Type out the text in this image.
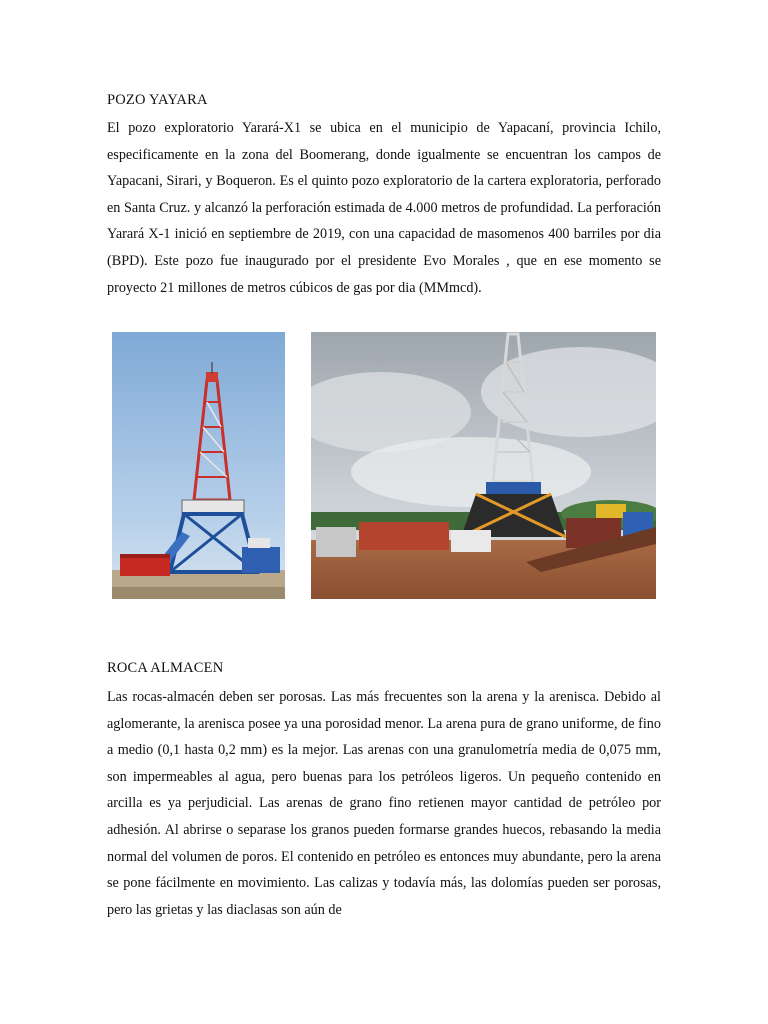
POZO YAYARA

El pozo exploratorio Yarará-X1 se ubica en el municipio de Yapacaní, provincia Ichilo, especificamente en la zona del Boomerang, donde igualmente se encuentran los campos de Yapacani, Sirari, y Boqueron. Es el quinto pozo exploratorio de la cartera exploratoria, perforado en Santa Cruz. y alcanzó la perforación estimada de 4.000 metros de profundidad. La perforación Yarará X-1 inició en septiembre de 2019, con una capacidad de masomenos 400 barriles por dia (BPD). Este pozo fue inaugurado por el presidente Evo Morales , que en ese momento se proyecto 21 millones de metros cúbicos de gas por dia (MMmcd).

ROCA ALMACEN

Las rocas-almacén deben ser porosas. Las más frecuentes son la arena y la arenisca. Debido al aglomerante, la arenisca posee ya una porosidad menor. La arena pura de grano uniforme, de fino a medio (0,1 hasta 0,2 mm) es la mejor. Las arenas con una granulometría media de 0,075 mm, son impermeables al agua, pero buenas para los petróleos ligeros. Un pequeño contenido en arcilla es ya perjudicial. Las arenas de grano fino retienen mayor cantidad de petróleo por adhesión. Al abrirse o separase los granos pueden formarse grandes huecos, rebasando la media normal del volumen de poros. El contenido en petróleo es entonces muy abundante, pero la arena se pone fácilmente en movimiento. Las calizas y todavía más, las dolomías pueden ser porosas, pero las grietas y las diaclasas son aún de
